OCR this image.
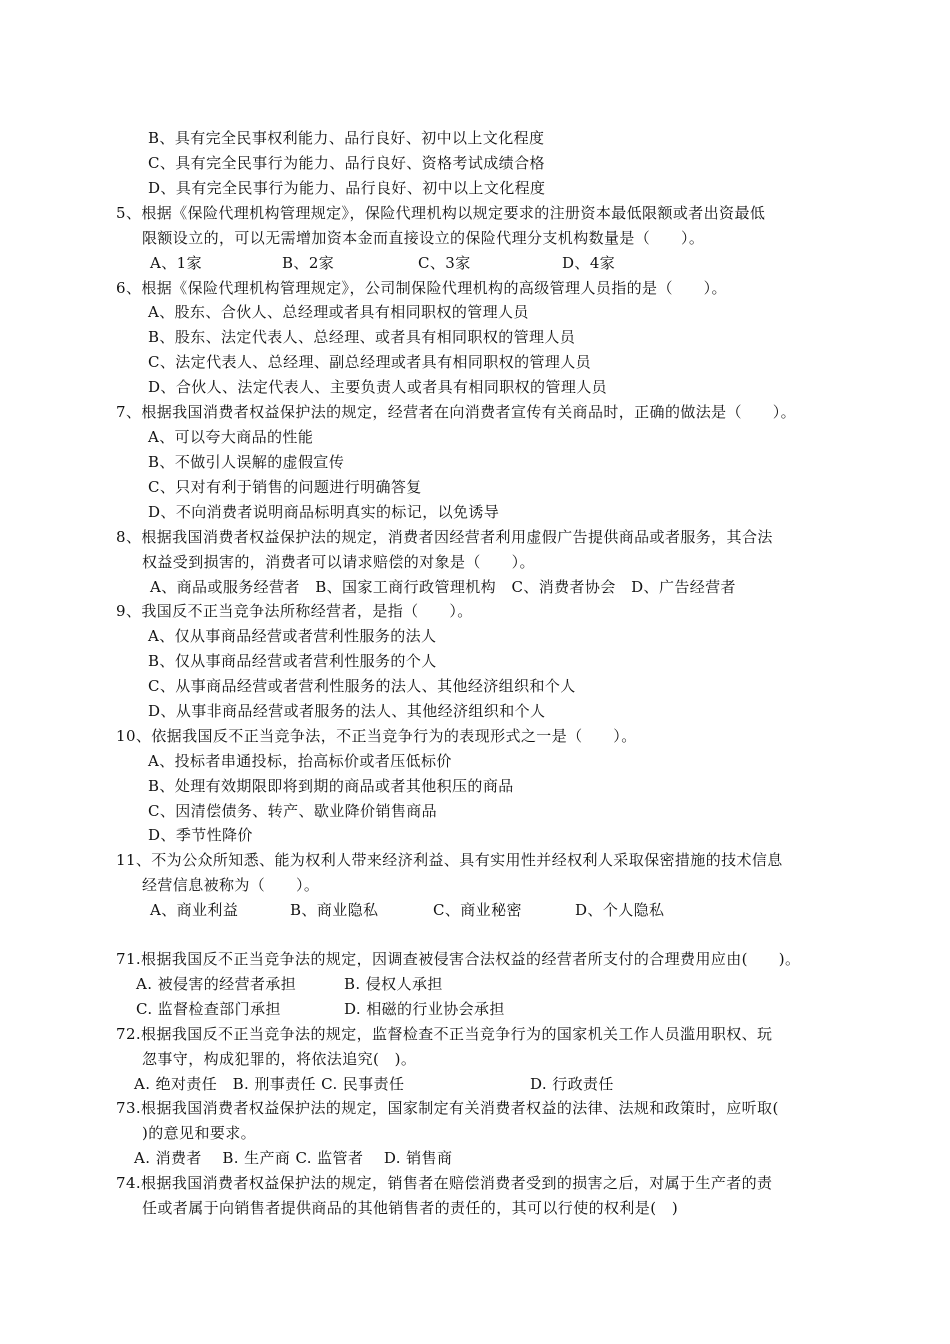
B、具有完全民事权利能力、品行良好、初中以上文化程度
C、具有完全民事行为能力、品行良好、资格考试成绩合格
D、具有完全民事行为能力、品行良好、初中以上文化程度
5、根据《保险代理机构管理规定》，保险代理机构以规定要求的注册资本最低限额或者出资最低
限额设立的，可以无需增加资本金而直接设立的保险代理分支机构数量是（　　）。
A、1家	B、2家	C、3家	D、4家
6、根据《保险代理机构管理规定》，公司制保险代理机构的高级管理人员指的是（　　）。
A、股东、合伙人、总经理或者具有相同职权的管理人员
B、股东、法定代表人、总经理、或者具有相同职权的管理人员
C、法定代表人、总经理、副总经理或者具有相同职权的管理人员
D、合伙人、法定代表人、主要负责人或者具有相同职权的管理人员
7、根据我国消费者权益保护法的规定，经营者在向消费者宣传有关商品时，正确的做法是（　　）。
A、可以夸大商品的性能
B、不做引人误解的虚假宣传
C、只对有利于销售的问题进行明确答复
D、不向消费者说明商品标明真实的标记，以免诱导
8、根据我国消费者权益保护法的规定，消费者因经营者利用虚假广告提供商品或者服务，其合法
权益受到损害的，消费者可以请求赔偿的对象是（　　）。
A、商品或服务经营者　B、国家工商行政管理机构　C、消费者协会　D、广告经营者
9、我国反不正当竞争法所称经营者，是指（　　）。
A、仅从事商品经营或者营利性服务的法人
B、仅从事商品经营或者营利性服务的个人
C、从事商品经营或者营利性服务的法人、其他经济组织和个人
D、从事非商品经营或者服务的法人、其他经济组织和个人
10、依据我国反不正当竞争法，不正当竞争行为的表现形式之一是（　　）。
A、投标者串通投标，抬高标价或者压低标价
B、处理有效期限即将到期的商品或者其他积压的商品
C、因清偿债务、转产、歇业降价销售商品
D、季节性降价
11、不为公众所知悉、能为权利人带来经济利益、具有实用性并经权利人采取保密措施的技术信息
经营信息被称为（　　）。
A、商业利益	B、商业隐私	C、商业秘密	D、个人隐私
71.根据我国反不正当竞争法的规定，因调查被侵害合法权益的经营者所支付的合理费用应由(　　)。
A. 被侵害的经营者承担	B. 侵权人承担
C. 监督检查部门承担	D. 相磁的行业协会承担
72.根据我国反不正当竞争法的规定，监督检查不正当竞争行为的国家机关工作人员滥用职权、玩
忽事守，构成犯罪的，将依法追究(　)。
A. 绝对责任　B. 刑事责任 C. 民事责任	D. 行政责任
73.根据我国消费者权益保护法的规定，国家制定有关消费者权益的法律、法规和政策时，应听取(
)的意见和要求。
A. 消费者　 B. 生产商 C. 监管者　 D. 销售商
74.根据我国消费者权益保护法的规定，销售者在赔偿消费者受到的损害之后，对属于生产者的责
任或者属于向销售者提供商品的其他销售者的责任的，其可以行使的权利是(　)
